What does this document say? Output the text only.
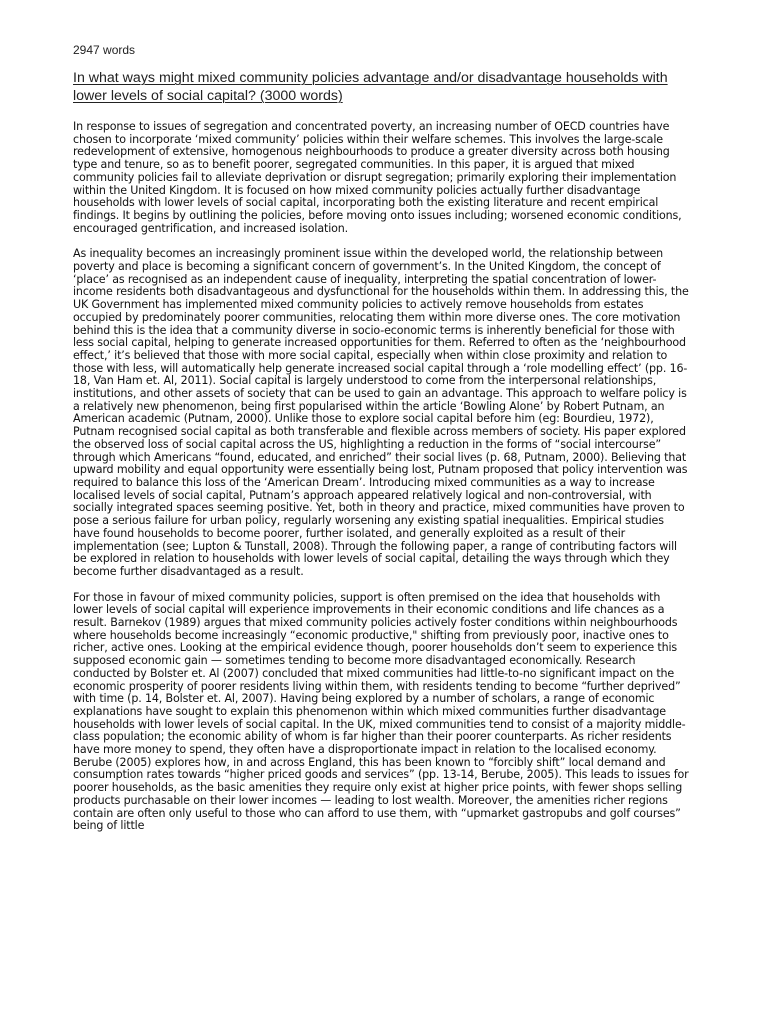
2947 words
In what ways might mixed community policies advantage and/or disadvantage households with lower levels of social capital? (3000 words)

In response to issues of segregation and concentrated poverty, an increasing number of OECD countries have chosen to incorporate ‘mixed community’ policies within their welfare schemes. This involves the large-scale redevelopment of extensive, homogenous neighbourhoods to produce a greater diversity across both housing type and tenure, so as to benefit poorer, segregated communities. In this paper, it is argued that mixed community policies fail to alleviate deprivation or disrupt segregation; primarily exploring their implementation within the United Kingdom. It is focused on how mixed community policies actually further disadvantage households with lower levels of social capital, incorporating both the existing literature and recent empirical findings. It begins by outlining the policies, before moving onto issues including; worsened economic conditions, encouraged gentrification, and increased isolation.

As inequality becomes an increasingly prominent issue within the developed world, the relationship between poverty and place is becoming a significant concern of government’s. In the United Kingdom, the concept of ‘place’ as recognised as an independent cause of inequality, interpreting the spatial concentration of lower-income residents both disadvantageous and dysfunctional for the households within them. In addressing this, the UK Government has implemented mixed community policies to actively remove households from estates occupied by predominately poorer communities, relocating them within more diverse ones. The core motivation behind this is the idea that a community diverse in socio-economic terms is inherently beneficial for those with less social capital, helping to generate increased opportunities for them. Referred to often as the ‘neighbourhood effect,’ it’s believed that those with more social capital, especially when within close proximity and relation to those with less, will automatically help generate increased social capital through a ‘role modelling effect’ (pp. 16-18, Van Ham et. Al, 2011). Social capital is largely understood to come from the interpersonal relationships, institutions, and other assets of society that can be used to gain an advantage. This approach to welfare policy is a relatively new phenomenon, being first popularised within the article ‘Bowling Alone’ by Robert Putnam, an American academic (Putnam, 2000). Unlike those to explore social capital before him (eg: Bourdieu, 1972), Putnam recognised social capital as both transferable and flexible across members of society. His paper explored the observed loss of social capital across the US, highlighting a reduction in the forms of “social intercourse” through which Americans “found, educated, and enriched” their social lives (p. 68, Putnam, 2000). Believing that upward mobility and equal opportunity were essentially being lost, Putnam proposed that policy intervention was required to balance this loss of the ‘American Dream’. Introducing mixed communities as a way to increase localised levels of social capital, Putnam’s approach appeared relatively logical and non-controversial, with socially integrated spaces seeming positive. Yet, both in theory and practice, mixed communities have proven to pose a serious failure for urban policy, regularly worsening any existing spatial inequalities. Empirical studies have found households to become poorer, further isolated, and generally exploited as a result of their implementation (see; Lupton & Tunstall, 2008). Through the following paper, a range of contributing factors will be explored in relation to households with lower levels of social capital, detailing the ways through which they become further disadvantaged as a result.

For those in favour of mixed community policies, support is often premised on the idea that households with lower levels of social capital will experience improvements in their economic conditions and life chances as a result. Barnekov (1989) argues that mixed community policies actively foster conditions within neighbourhoods where households become increasingly “economic productive," shifting from previously poor, inactive ones to richer, active ones. Looking at the empirical evidence though, poorer households don’t seem to experience this supposed economic gain — sometimes tending to become more disadvantaged economically. Research conducted by Bolster et. Al (2007) concluded that mixed communities had little-to-no significant impact on the economic prosperity of poorer residents living within them, with residents tending to become “further deprived” with time (p. 14, Bolster et. Al, 2007). Having being explored by a number of scholars, a range of economic explanations have sought to explain this phenomenon within which mixed communities further disadvantage households with lower levels of social capital. In the UK, mixed communities tend to consist of a majority middle-class population; the economic ability of whom is far higher than their poorer counterparts. As richer residents have more money to spend, they often have a disproportionate impact in relation to the localised economy. Berube (2005) explores how, in and across England, this has been known to “forcibly shift” local demand and consumption rates towards “higher priced goods and services” (pp. 13-14, Berube, 2005). This leads to issues for poorer households, as the basic amenities they require only exist at higher price points, with fewer shops selling products purchasable on their lower incomes — leading to lost wealth. Moreover, the amenities richer regions contain are often only useful to those who can afford to use them, with “upmarket gastropubs and golf courses” being of little
